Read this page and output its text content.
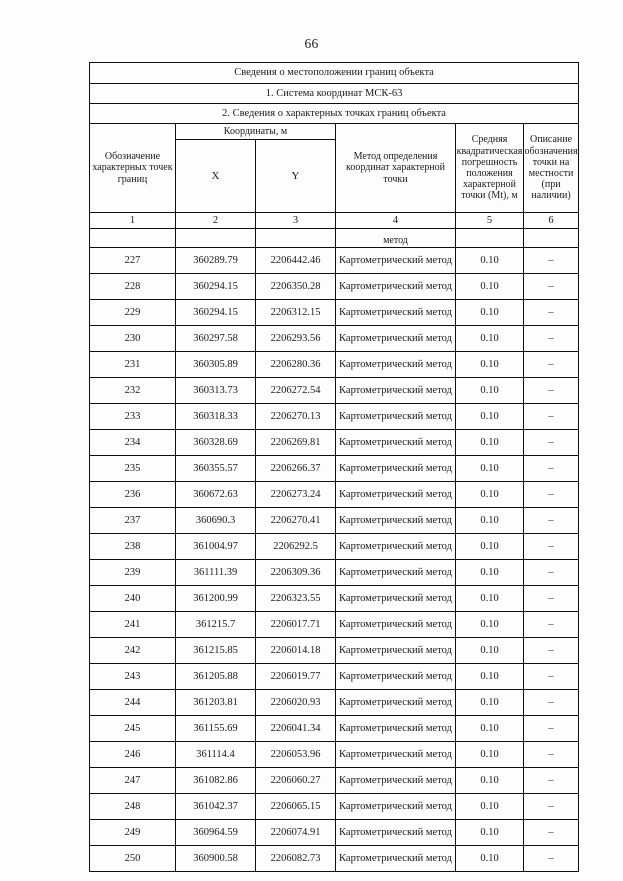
66
Сведения о местоположении границ объекта					
1. Система координат МСК-63					
2. Сведения о характерных точках границ объекта					
Обозначение характерных точек границ	Координаты, м		Метод определения координат характерной точки	Средняя квадратическая погрешность положения характерной точки (Мt), м	Описание обозначения точки на местности (при наличии)
	X	Y			
1	2	3	4	5	6
			метод		
227	360289.79	2206442.46	Картометрический метод	0.10	–
228	360294.15	2206350.28	Картометрический метод	0.10	–
229	360294.15	2206312.15	Картометрический метод	0.10	–
230	360297.58	2206293.56	Картометрический метод	0.10	–
231	360305.89	2206280.36	Картометрический метод	0.10	–
232	360313.73	2206272.54	Картометрический метод	0.10	–
233	360318.33	2206270.13	Картометрический метод	0.10	–
234	360328.69	2206269.81	Картометрический метод	0.10	–
235	360355.57	2206266.37	Картометрический метод	0.10	–
236	360672.63	2206273.24	Картометрический метод	0.10	–
237	360690.3	2206270.41	Картометрический метод	0.10	–
238	361004.97	2206292.5	Картометрический метод	0.10	–
239	361111.39	2206309.36	Картометрический метод	0.10	–
240	361200.99	2206323.55	Картометрический метод	0.10	–
241	361215.7	2206017.71	Картометрический метод	0.10	–
242	361215.85	2206014.18	Картометрический метод	0.10	–
243	361205.88	2206019.77	Картометрический метод	0.10	–
244	361203.81	2206020.93	Картометрический метод	0.10	–
245	361155.69	2206041.34	Картометрический метод	0.10	–
246	361114.4	2206053.96	Картометрический метод	0.10	–
247	361082.86	2206060.27	Картометрический метод	0.10	–
248	361042.37	2206065.15	Картометрический метод	0.10	–
249	360964.59	2206074.91	Картометрический метод	0.10	–
250	360900.58	2206082.73	Картометрический метод	0.10	–
